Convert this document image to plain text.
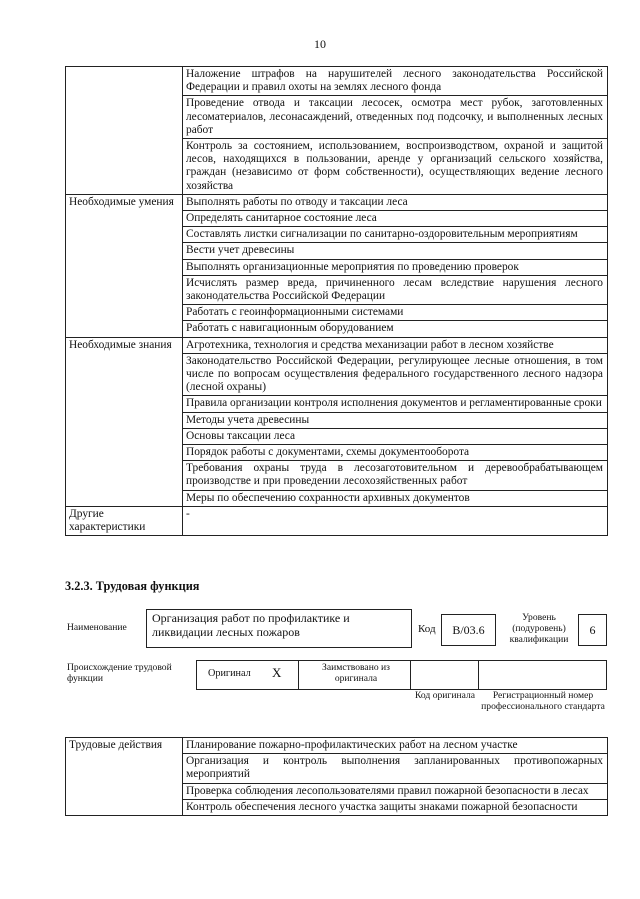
10
	Наложение штрафов на нарушителей лесного законодательства Российской Федерации и правил охоты на землях лесного фонда
	Проведение отвода и таксации лесосек, осмотра мест рубок, заготовленных лесоматериалов, лесонасаждений, отведенных под подсочку, и выполненных лесных работ
	Контроль за состоянием, использованием, воспроизводством, охраной и защитой лесов, находящихся в пользовании, аренде у организаций сельского хозяйства, граждан (независимо от форм собственности), осуществляющих ведение лесного хозяйства
Необходимые умения	Выполнять работы по отводу и таксации леса
	Определять санитарное состояние леса
	Составлять листки сигнализации по санитарно-оздоровительным мероприятиям
	Вести учет древесины
	Выполнять организационные мероприятия по проведению проверок
	Исчислять размер вреда, причиненного лесам вследствие нарушения лесного законодательства Российской Федерации
	Работать с геоинформационными системами
	Работать с навигационным оборудованием
Необходимые знания	Агротехника, технология и средства механизации работ в лесном хозяйстве
	Законодательство Российской Федерации, регулирующее лесные отношения, в том числе по вопросам осуществления федерального государственного лесного надзора (лесной охраны)
	Правила организации контроля исполнения документов и регламентированные сроки
	Методы учета древесины
	Основы таксации леса
	Порядок работы с документами, схемы документооборота
	Требования охраны труда в лесозаготовительном и деревообрабатывающем производстве и при проведении лесохозяйственных работ
	Меры по обеспечению сохранности архивных документов
Другие характеристики	-
3.2.3. Трудовая функция
Наименование
Организация работ по профилактике и ликвидации лесных пожаров	Код	В/03.6
Уровень (подуровень) квалификации
6
Происхождение трудовой функции	Оригинал X	Заимствовано из оригинала
Код оригинала	Регистрационный номер профессионального стандарта
Трудовые действия	Планирование пожарно-профилактических работ на лесном участке
Организация и контроль выполнения запланированных противопожарных мероприятий
Проверка соблюдения лесопользователями правил пожарной безопасности в лесах
Контроль обеспечения лесного участка защиты знаками пожарной безопасности
